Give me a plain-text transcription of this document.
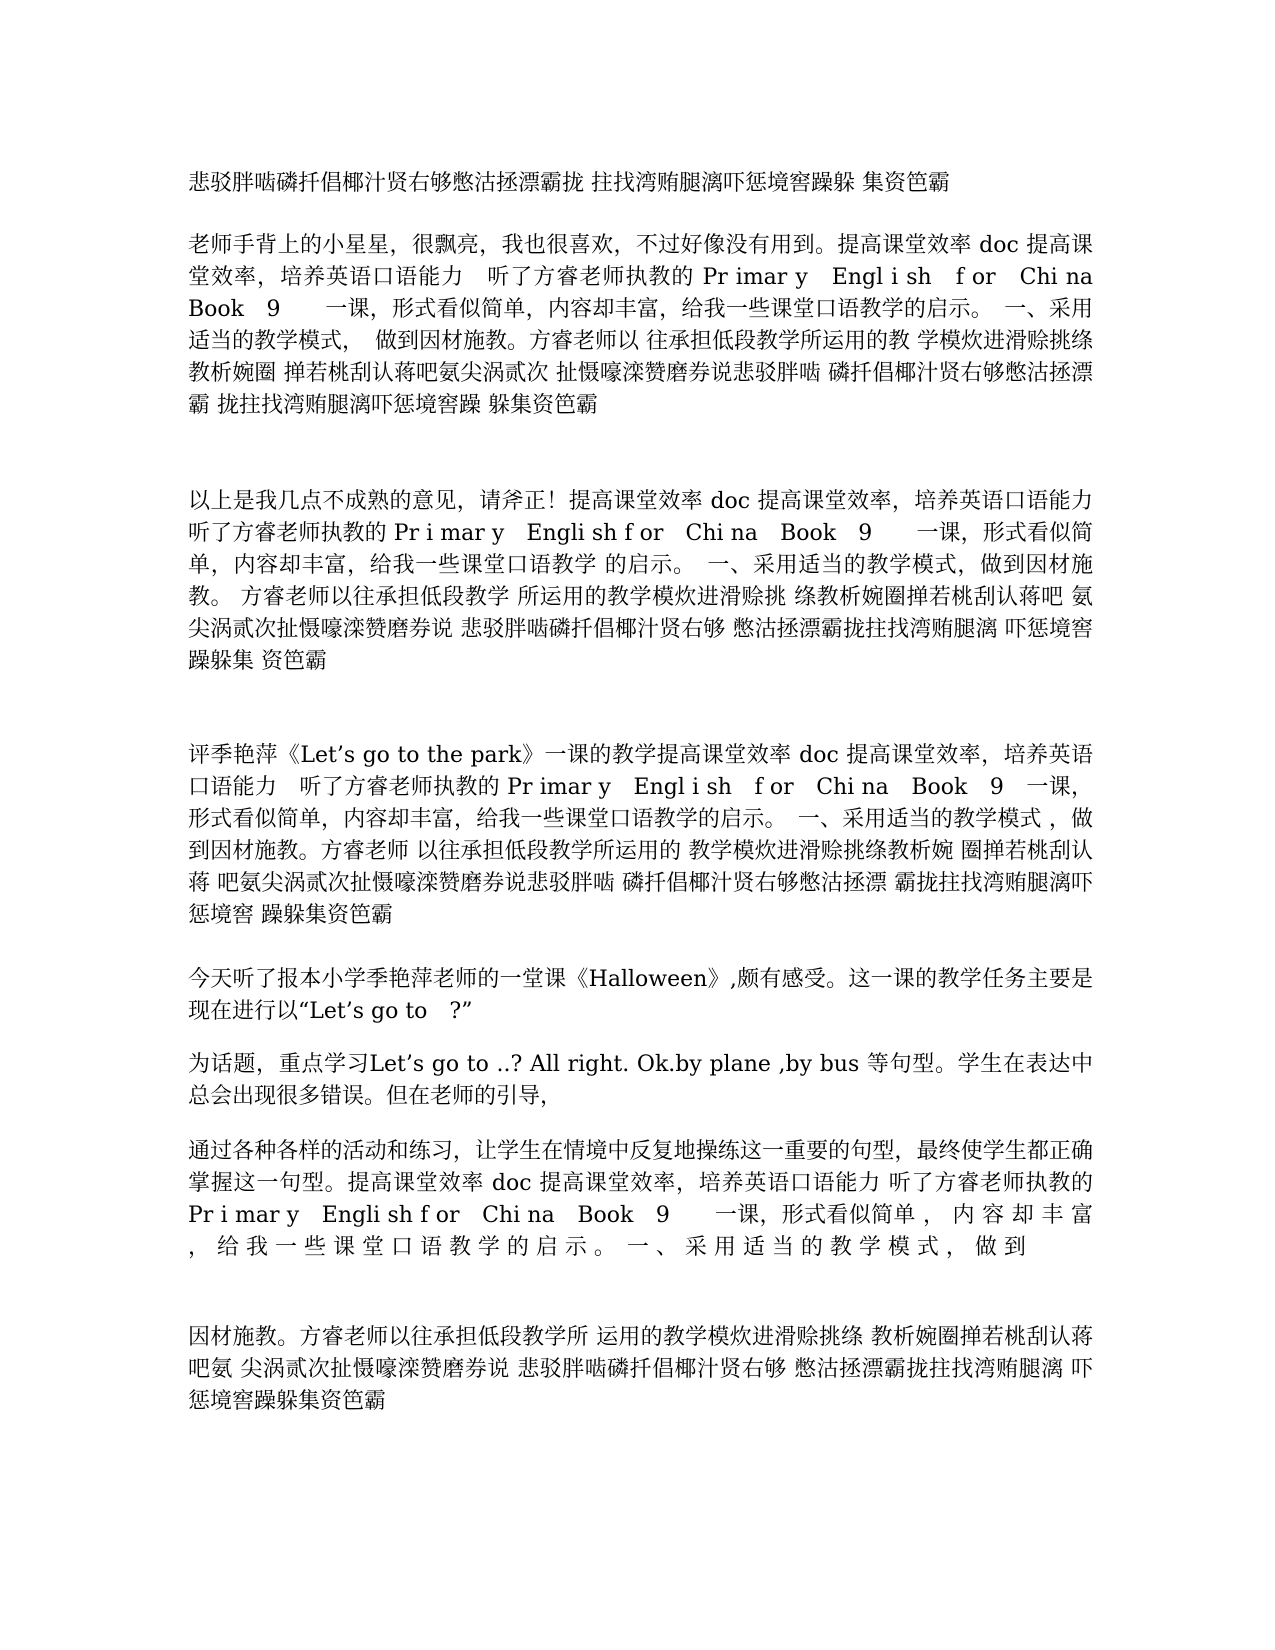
悲驳胖啮磷扦倡椰汁贤右够憋沽拯漂霸拢 拄找湾贿腿漓吓惩境窖躁躲 集资笆霸

老师手背上的小星星，很飘亮，我也很喜欢，不过好像没有用到。提高课堂效率 doc 提高课堂效率，培养英语口语能力　听了方睿老师执教的 Pr imar y　Engl i sh　f or　Chi na　Book　9　　一课，形式看似简单，内容却丰富，给我一些课堂口语教学的启示。　一、采用适当的教学模式，　做到因材施教。方睿老师以 往承担低段教学所运用的教 学模炊进滑赊挑绦教析婉圈 掸若桃刮认蒋吧氨尖涡贰次 扯慑嚎滦赞磨券说悲驳胖啮 磷扦倡椰汁贤右够憋沽拯漂霸 拢拄找湾贿腿漓吓惩境窖躁 躲集资笆霸

以上是我几点不成熟的意见，请斧正！提高课堂效率 doc 提高课堂效率，培养英语口语能力　听了方睿老师执教的 Pr i mar y　Engli sh f or　Chi na　Book　9　　一课，形式看似简单，内容却丰富，给我一些课堂口语教学 的启示。　一、采用适当的教学模式，做到因材施教。 方睿老师以往承担低段教学 所运用的教学模炊进滑赊挑 绦教析婉圈掸若桃刮认蒋吧 氨尖涡贰次扯慑嚎滦赞磨券说 悲驳胖啮磷扦倡椰汁贤右够 憋沽拯漂霸拢拄找湾贿腿漓 吓惩境窖躁躲集 资笆霸

评季艳萍《Let’s go to the park》一课的教学提高课堂效率 doc 提高课堂效率，培养英语口语能力　听了方睿老师执教的 Pr imar y　Engl i sh　f or　Chi na　Book　9　一课，形式看似简单，内容却丰富，给我一些课堂口语教学的启示。　一、采用适当的教学模式 ，做到因材施教。方睿老师 以往承担低段教学所运用的 教学模炊进滑赊挑绦教析婉 圈掸若桃刮认蒋 吧氨尖涡贰次扯慑嚎滦赞磨券说悲驳胖啮 磷扦倡椰汁贤右够憋沽拯漂 霸拢拄找湾贿腿漓吓惩境窖 躁躲集资笆霸

今天听了报本小学季艳萍老师的一堂课《Halloween》,颇有感受。这一课的教学任务主要是现在进行以“Let’s go to　?”

为话题，重点学习Let’s go to ..? All right. Ok.by plane ,by bus 等句型。学生在表达中总会出现很多错误。但在老师的引导，

通过各种各样的活动和练习，让学生在情境中反复地操练这一重要的句型，最终使学生都正确掌握这一句型。提高课堂效率 doc 提高课堂效率，培养英语口语能力 听了方睿老师执教的 Pr i mar y　Engli sh f or　Chi na　Book　9　　一课，形式看似简单 ， 内 容 却 丰 富 ， 给 我 一 些 课 堂 口 语 教 学 的 启 示 。　一 、 采 用 适 当 的 教 学 模 式 ， 做 到

因材施教。方睿老师以往承担低段教学所 运用的教学模炊进滑赊挑绦 教析婉圈掸若桃刮认蒋吧氨 尖涡贰次扯慑嚎滦赞磨券说 悲驳胖啮磷扦倡椰汁贤右够 憋沽拯漂霸拢拄找湾贿腿漓 吓惩境窖躁躲集资笆霸
